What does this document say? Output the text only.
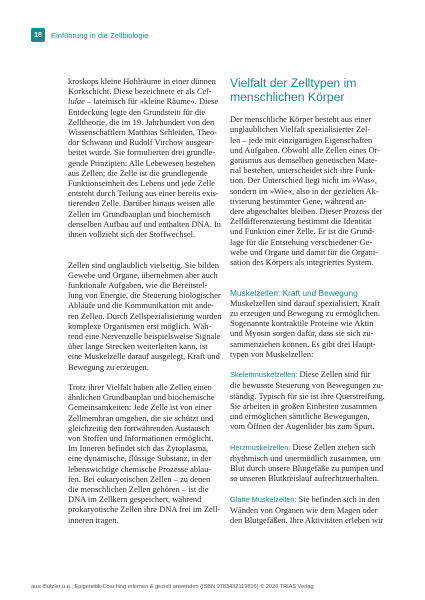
18	Einführung in die Zellbiologie
kroskops kleine Hohlräume in einer dünnen
Korkschicht. Diese bezeichnete er als Cel-
lulae – lateinisch für »kleine Räume«. Diese
Entdeckung legte den Grundstein für die
Zelltheorie, die im 19. Jahrhundert von den
Wissenschaftlern Matthias Schleiden, Theo-
dor Schwann und Rudolf Virchow ausgear-
beitet wurde. Sie formulierten drei grundle-
gende Prinzipien: Alle Lebewesen bestehen
aus Zellen; die Zelle ist die grundlegende
Funktionseinheit des Lebens und jede Zelle
entsteht durch Teilung aus einer bereits exis-
tierenden Zelle. Darüber hinaus weisen alle
Zellen im Grundbauplan und biochemisch
denselben Aufbau auf und enthalten DNA. In
ihnen vollzieht sich der Stoffwechsel.
Zellen sind unglaublich vielseitig. Sie bilden
Gewebe und Organe, übernehmen aber auch
funktionale Aufgaben, wie die Bereitstel-
lung von Energie, die Steuerung biologischer
Abläufe und die Kommunikation mit ande-
ren Zellen. Durch Zellspezialisierung wurden
komplexe Organismen erst möglich. Wäh-
rend eine Nervenzelle beispielsweise Signale
über lange Strecken weiterleiten kann, ist
eine Muskelzelle darauf ausgelegt, Kraft und
Bewegung zu erzeugen.
Trotz ihrer Vielfalt haben alle Zellen einen
ähnlichen Grundbauplan und biochemische
Gemeinsamkeiten: Jede Zelle ist von einer
Zellmembran umgeben, die sie schützt und
gleichzeitig den fortwährenden Austausch
von Stoffen und Informationen ermöglicht.
Im Inneren befindet sich das Zytoplasma,
eine dynamische, flüssige Substanz, in der
lebenswichtige chemische Prozesse ablau-
fen. Bei eukaryotischen Zellen – zu denen
die menschlichen Zellen gehören – ist die
DNA im Zellkern gespeichert, während
prokaryotische Zellen ihre DNA frei im Zell-
inneren tragen.
Vielfalt der Zelltypen im
menschlichen Körper
Der menschliche Körper besteht aus einer
unglaublichen Vielfalt spezialisierter Zel-
len – jede mit einzigartigen Eigenschaften
und Aufgaben. Obwohl alle Zellen eines Or-
ganismus aus demselben genetischen Mate-
rial bestehen, unterscheidet sich ihre Funk-
tion. Der Unterschied liegt nicht im »Was«,
sondern im »Wie«, also in der gezielten Ak-
tivierung bestimmter Gene, während an-
dere abgeschaltet bleiben. Dieser Prozess der
Zelldifferenzierung bestimmt die Identität
und Funktion einer Zelle. Er ist die Grund-
lage für die Entstehung verschiedener Ge-
webe und Organe und damit für die Organi-
sation des Körpers als integriertes System.
Muskelzellen: Kraft und Bewegung
Muskelzellen sind darauf spezialisiert, Kraft
zu erzeugen und Bewegung zu ermöglichen.
Sogenannte kontraktile Proteine wie Aktin
und Myosin sorgen dafür, dass sie sich zu-
sammenziehen können. Es gibt drei Haupt-
typen von Muskelzellen:
Skelettmuskelzellen: Diese Zellen sind für
die bewusste Steuerung von Bewegungen zu-
ständig. Typisch für sie ist ihre Querstreifung.
Sie arbeiten in großen Einheiten zusammen
und ermöglichen sämtliche Bewegungen,
vom Öffnen der Augenlider bis zum Spurt.
Herzmuskelzellen: Diese Zellen ziehen sich
rhythmisch und unermüdlich zusammen, um
Blut durch unsere Blutgefäße zu pumpen und
so unseren Blutkreislauf aufrechtzuerhalten.
Glatte Muskelzellen: Sie befinden sich in den
Wänden von Organen wie dem Magen oder
den Blutgefäßen. Ihre Aktivitäten erleben wir
aus: Butzler u.a., Epigenetik-Coaching erlernen & gezielt anwenden (ISBN 9783432119816) © 2026 TRIAS Verlag
